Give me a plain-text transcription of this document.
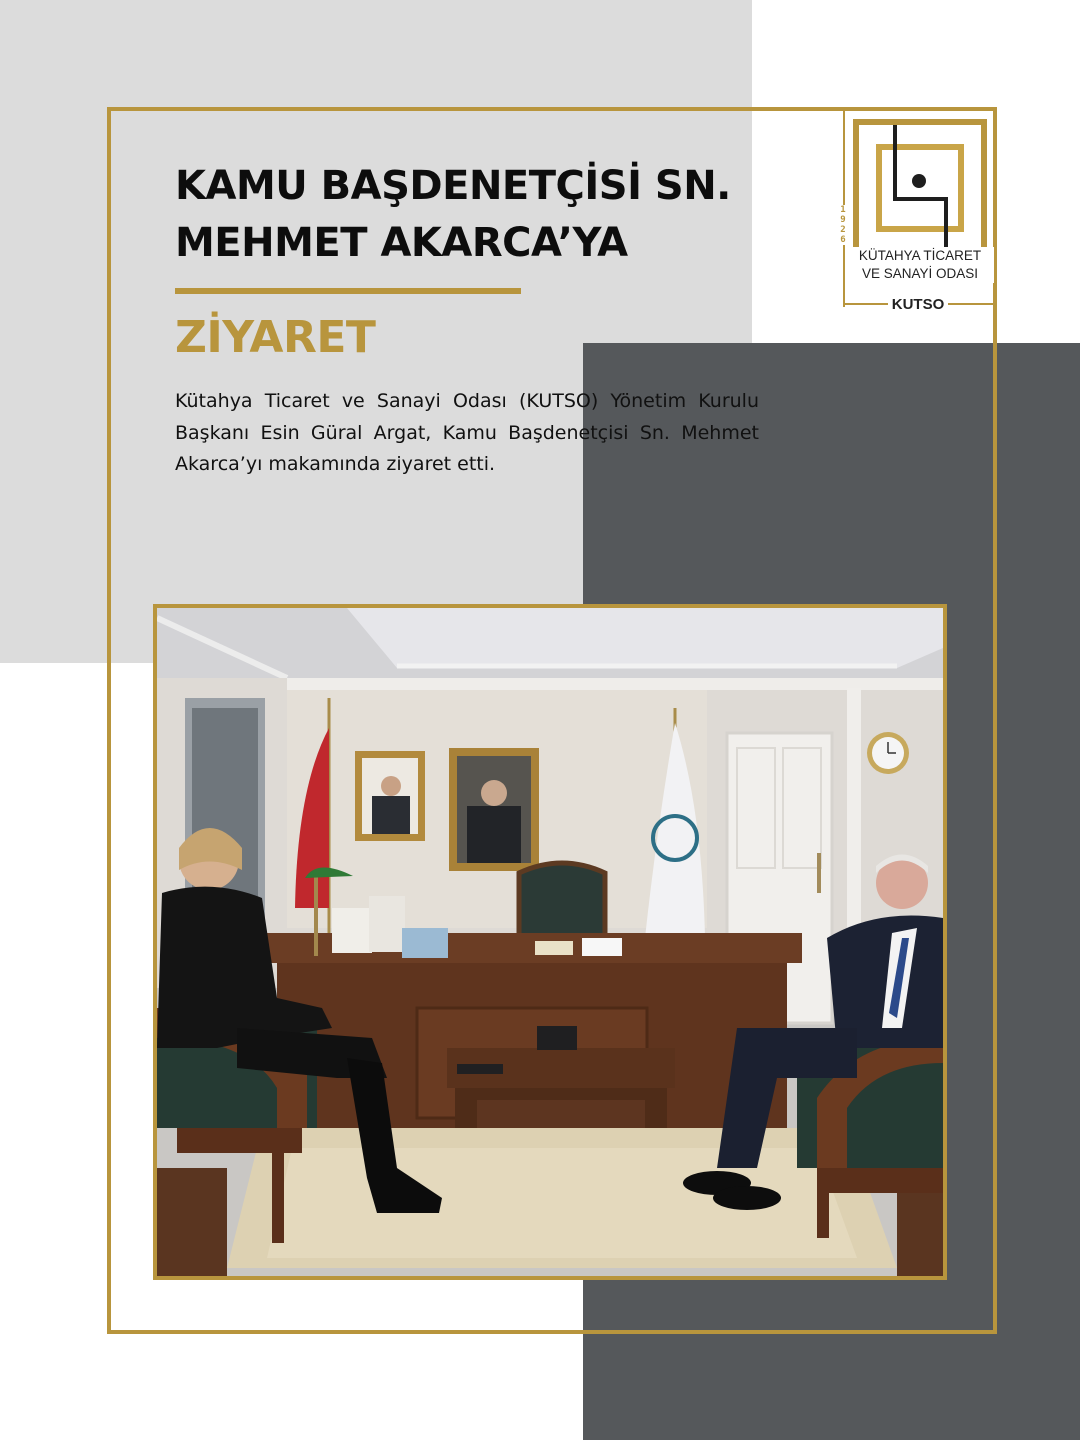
KAMU BAŞDENETÇİSİ SN.
MEHMET AKARCA’YA
ZİYARET
Kütahya Ticaret ve Sanayi Odası (KUTSO) Yönetim Kurulu Başkanı Esin Güral Argat, Kamu Başdenetçisi Sn. Mehmet Akarca’yı makamında ziyaret etti.
1
9
2
6
KÜTAHYA TİCARET
VE SANAYİ ODASI
KUTSO
